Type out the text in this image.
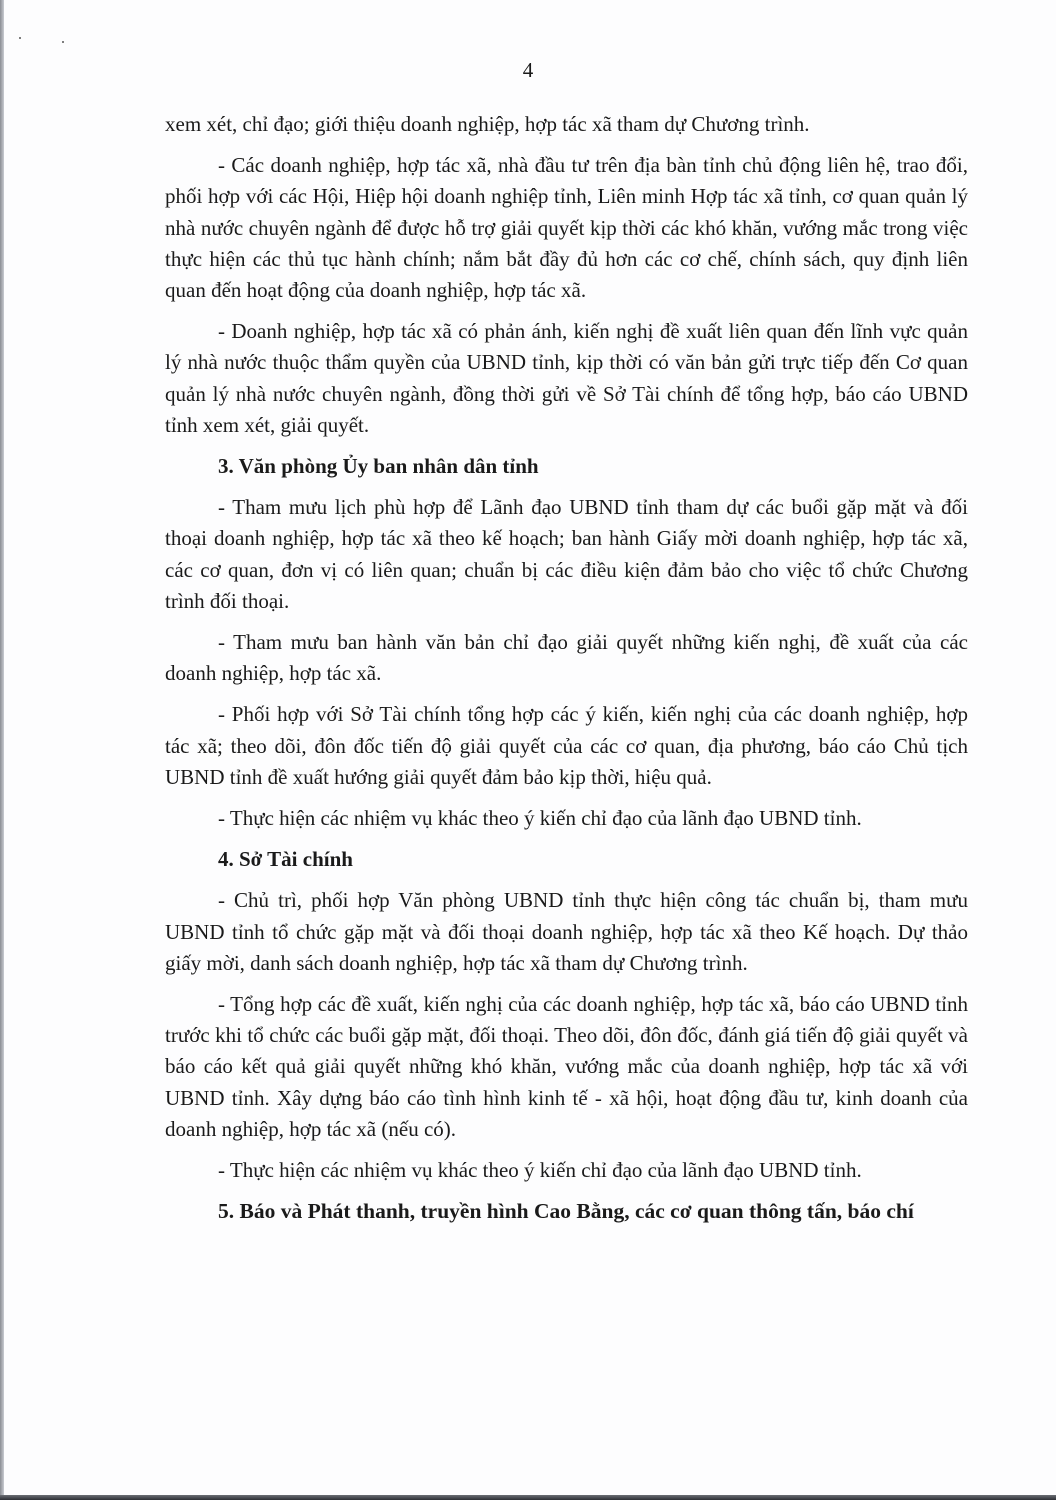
4

xem xét, chỉ đạo; giới thiệu doanh nghiệp, hợp tác xã tham dự Chương trình.

- Các doanh nghiệp, hợp tác xã, nhà đầu tư trên địa bàn tỉnh chủ động liên hệ, trao đổi, phối hợp với các Hội, Hiệp hội doanh nghiệp tỉnh, Liên minh Hợp tác xã tỉnh, cơ quan quản lý nhà nước chuyên ngành để được hỗ trợ giải quyết kịp thời các khó khăn, vướng mắc trong việc thực hiện các thủ tục hành chính; nắm bắt đầy đủ hơn các cơ chế, chính sách, quy định liên quan đến hoạt động của doanh nghiệp, hợp tác xã.

- Doanh nghiệp, hợp tác xã có phản ánh, kiến nghị đề xuất liên quan đến lĩnh vực quản lý nhà nước thuộc thẩm quyền của UBND tỉnh, kịp thời có văn bản gửi trực tiếp đến Cơ quan quản lý nhà nước chuyên ngành, đồng thời gửi về Sở Tài chính để tổng hợp, báo cáo UBND tỉnh xem xét, giải quyết.

3. Văn phòng Ủy ban nhân dân tỉnh

- Tham mưu lịch phù hợp để Lãnh đạo UBND tỉnh tham dự các buổi gặp mặt và đối thoại doanh nghiệp, hợp tác xã theo kế hoạch; ban hành Giấy mời doanh nghiệp, hợp tác xã, các cơ quan, đơn vị có liên quan; chuẩn bị các điều kiện đảm bảo cho việc tổ chức Chương trình đối thoại.

- Tham mưu ban hành văn bản chỉ đạo giải quyết những kiến nghị, đề xuất của các doanh nghiệp, hợp tác xã.

- Phối hợp với Sở Tài chính tổng hợp các ý kiến, kiến nghị của các doanh nghiệp, hợp tác xã; theo dõi, đôn đốc tiến độ giải quyết của các cơ quan, địa phương, báo cáo Chủ tịch UBND tỉnh đề xuất hướng giải quyết đảm bảo kịp thời, hiệu quả.

- Thực hiện các nhiệm vụ khác theo ý kiến chỉ đạo của lãnh đạo UBND tỉnh.

4. Sở Tài chính

- Chủ trì, phối hợp Văn phòng UBND tỉnh thực hiện công tác chuẩn bị, tham mưu UBND tỉnh tổ chức gặp mặt và đối thoại doanh nghiệp, hợp tác xã theo Kế hoạch. Dự thảo giấy mời, danh sách doanh nghiệp, hợp tác xã tham dự Chương trình.

- Tổng hợp các đề xuất, kiến nghị của các doanh nghiệp, hợp tác xã, báo cáo UBND tỉnh trước khi tổ chức các buổi gặp mặt, đối thoại. Theo dõi, đôn đốc, đánh giá tiến độ giải quyết và báo cáo kết quả giải quyết những khó khăn, vướng mắc của doanh nghiệp, hợp tác xã với UBND tỉnh. Xây dựng báo cáo tình hình kinh tế - xã hội, hoạt động đầu tư, kinh doanh của doanh nghiệp, hợp tác xã (nếu có).

- Thực hiện các nhiệm vụ khác theo ý kiến chỉ đạo của lãnh đạo UBND tỉnh.

5. Báo và Phát thanh, truyền hình Cao Bằng, các cơ quan thông tấn, báo chí
